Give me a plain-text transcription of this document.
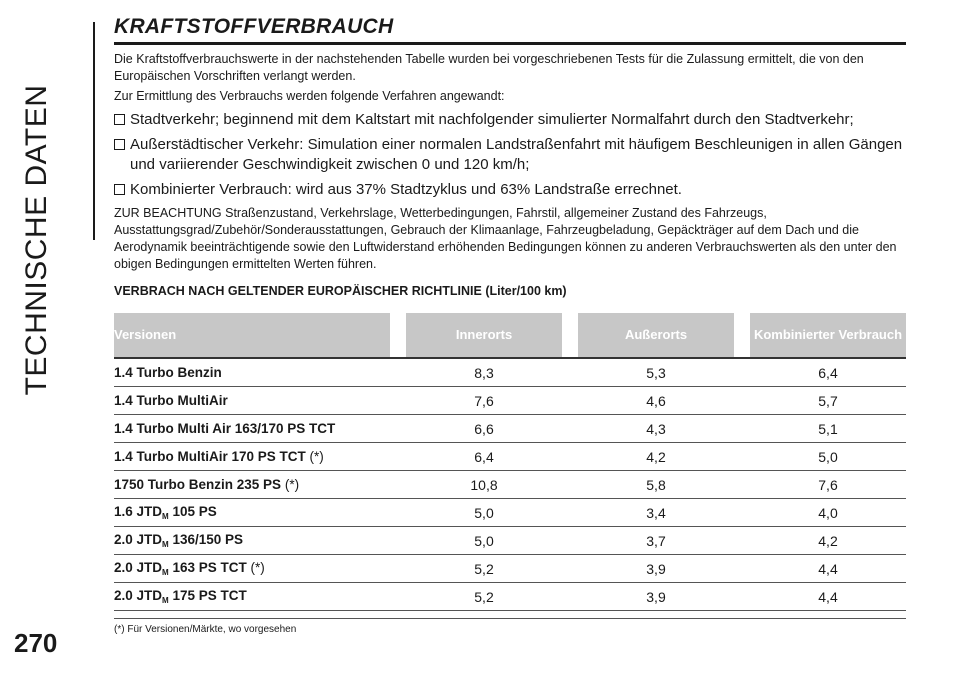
TECHNISCHE DATEN
270
KRAFTSTOFFVERBRAUCH

Die Kraftstoffverbrauchswerte in der nachstehenden Tabelle wurden bei vorgeschriebenen Tests für die Zulassung ermittelt, die von den Europäischen Vorschriften verlangt werden.

Zur Ermittlung des Verbrauchs werden folgende Verfahren angewandt:

Stadtverkehr; beginnend mit dem Kaltstart mit nachfolgender simulierter Normalfahrt durch den Stadtverkehr;
Außerstädtischer Verkehr: Simulation einer normalen Landstraßenfahrt mit häufigem Beschleunigen in allen Gängen und variierender Geschwindigkeit zwischen 0 und 120 km/h;
Kombinierter Verbrauch: wird aus 37% Stadtzyklus und 63% Landstraße errechnet.

ZUR BEACHTUNG Straßenzustand, Verkehrslage, Wetterbedingungen, Fahrstil, allgemeiner Zustand des Fahrzeugs, Ausstattungsgrad/Zubehör/Sonderausstattungen, Gebrauch der Klimaanlage, Fahrzeugbeladung, Gepäckträger auf dem Dach und die Aerodynamik beeinträchtigende sowie den Luftwiderstand erhöhenden Bedingungen können zu anderen Verbrauchswerten als den unter den obigen Bedingungen ermittelten Werten führen.

VERBRACH NACH GELTENDER EUROPÄISCHER RICHTLINIE (Liter/100 km)
Versionen		Innerorts		Außerorts		Kombinierter Verbrauch
1.4 Turbo Benzin		8,3		5,3		6,4
1.4 Turbo MultiAir		7,6		4,6		5,7
1.4 Turbo Multi Air 163/170 PS TCT		6,6		4,3		5,1
1.4 Turbo MultiAir 170 PS TCT (*)		6,4		4,2		5,0
1750 Turbo Benzin 235 PS (*)		10,8		5,8		7,6
1.6 $JTD_M$ 105 PS		5,0		3,4		4,0
2.0 $JTD_M$ 136/150 PS		5,0		3,7		4,2
2.0 $JTD_M$ 163 PS TCT (*)		5,2		3,9		4,4
2.0 $JTD_M$ 175 PS TCT		5,2		3,9		4,4
(*) Für Versionen/Märkte, wo vorgesehen
